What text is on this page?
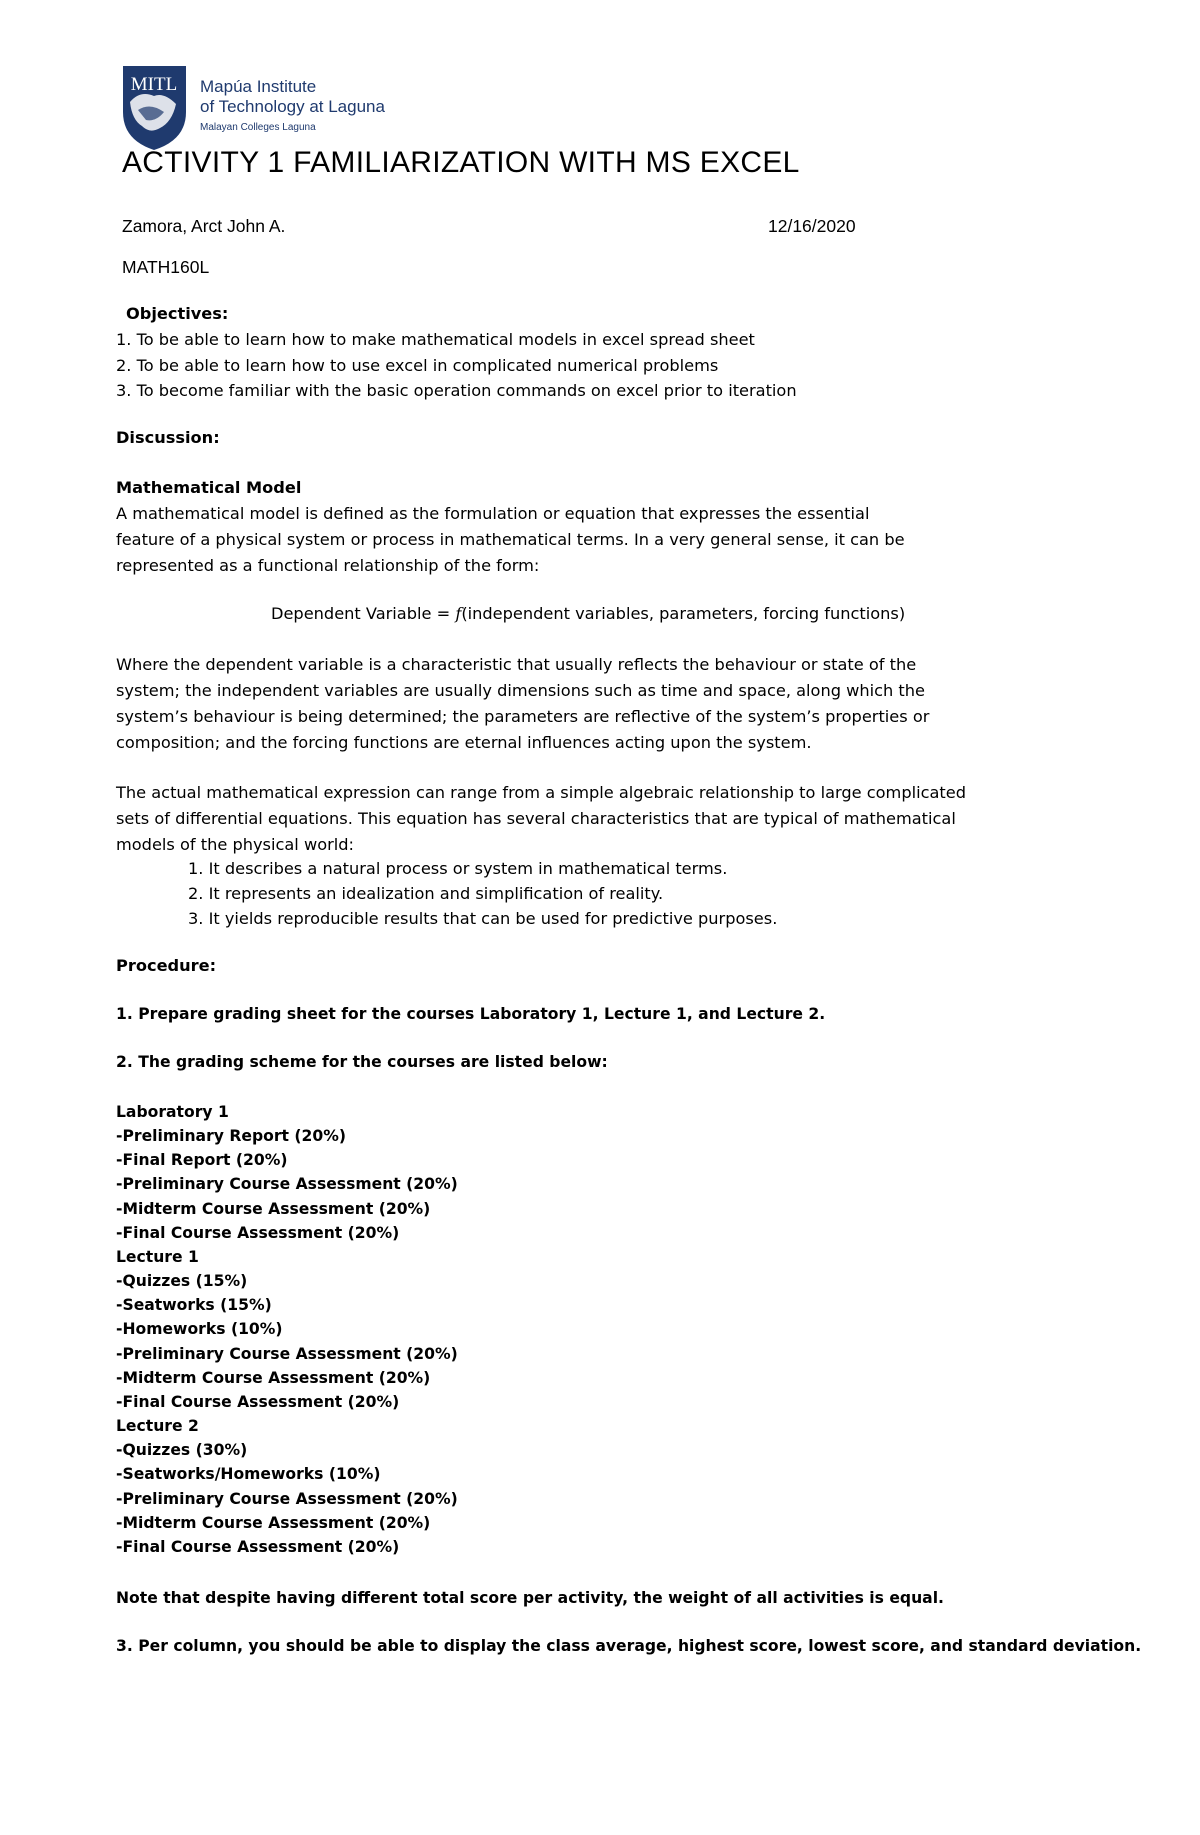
MITL Mapúa Institute
of Technology at Laguna
Malayan Colleges Laguna
ACTIVITY 1 FAMILIARIZATION WITH MS EXCEL
Zamora, Arct John A.	12/16/2020
MATH160L
Objectives:
1. To be able to learn how to make mathematical models in excel spread sheet
2. To be able to learn how to use excel in complicated numerical problems
3. To become familiar with the basic operation commands on excel prior to iteration
Discussion:
Mathematical Model
A mathematical model is defined as the formulation or equation that expresses the essential
feature of a physical system or process in mathematical terms. In a very general sense, it can be
represented as a functional relationship of the form:
Dependent Variable = f(independent variables, parameters, forcing functions)
Where the dependent variable is a characteristic that usually reflects the behaviour or state of the
system; the independent variables are usually dimensions such as time and space, along which the
system’s behaviour is being determined; the parameters are reflective of the system’s properties or
composition; and the forcing functions are eternal influences acting upon the system.
The actual mathematical expression can range from a simple algebraic relationship to large complicated
sets of differential equations. This equation has several characteristics that are typical of mathematical
models of the physical world:
1. It describes a natural process or system in mathematical terms.
2. It represents an idealization and simplification of reality.
3. It yields reproducible results that can be used for predictive purposes.
Procedure:
1. Prepare grading sheet for the courses Laboratory 1, Lecture 1, and Lecture 2.
2. The grading scheme for the courses are listed below:
Laboratory 1
-Preliminary Report (20%)
-Final Report (20%)
-Preliminary Course Assessment (20%)
-Midterm Course Assessment (20%)
-Final Course Assessment (20%)
Lecture 1
-Quizzes (15%)
-Seatworks (15%)
-Homeworks (10%)
-Preliminary Course Assessment (20%)
-Midterm Course Assessment (20%)
-Final Course Assessment (20%)
Lecture 2
-Quizzes (30%)
-Seatworks/Homeworks (10%)
-Preliminary Course Assessment (20%)
-Midterm Course Assessment (20%)
-Final Course Assessment (20%)
Note that despite having different total score per activity, the weight of all activities is equal.
3. Per column, you should be able to display the class average, highest score, lowest score, and standard deviation.
